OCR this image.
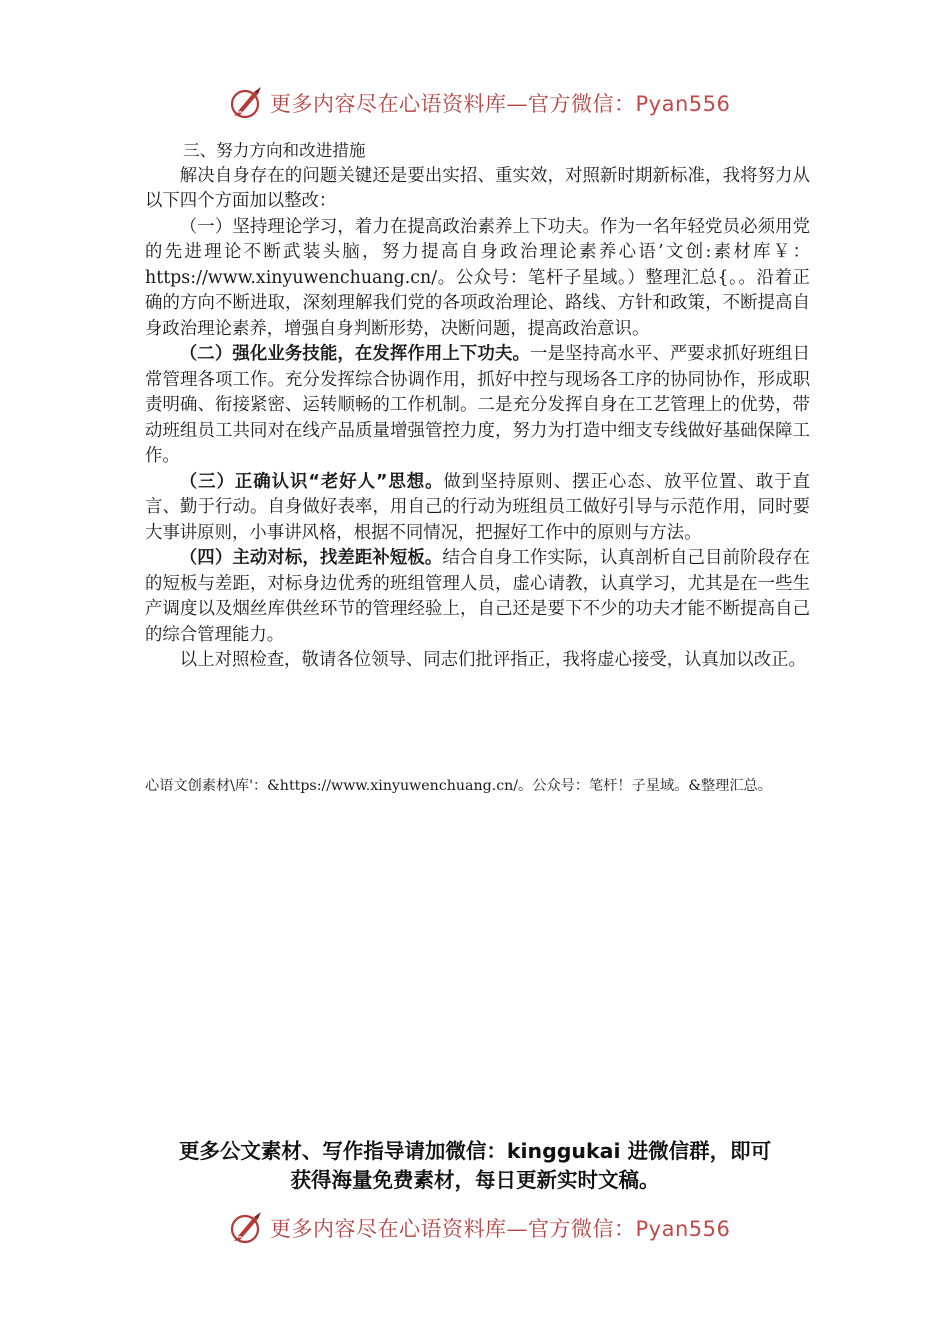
更多内容尽在心语资料库—官方微信：Pyan556

三、努力方向和改进措施

解决自身存在的问题关键还是要出实招、重实效，对照新时期新标准，我将努力从以下四个方面加以整改：

（一）坚持理论学习，着力在提高政治素养上下功夫。作为一名年轻党员必须用党的先进理论不断武装头脑，努力提高自身政治理论素养心语’文创:素材库￥：https://www.xinyuwenchuang.cn/。公众号：笔杆子星域。）整理汇总{。。沿着正确的方向不断进取，深刻理解我们党的各项政治理论、路线、方针和政策，不断提高自身政治理论素养，增强自身判断形势，决断问题，提高政治意识。

（二）强化业务技能，在发挥作用上下功夫。一是坚持高水平、严要求抓好班组日常管理各项工作。充分发挥综合协调作用，抓好中控与现场各工序的协同协作，形成职责明确、衔接紧密、运转顺畅的工作机制。二是充分发挥自身在工艺管理上的优势，带动班组员工共同对在线产品质量增强管控力度，努力为打造中细支专线做好基础保障工作。

（三）正确认识“老好人”思想。做到坚持原则、摆正心态、放平位置、敢于直言、勤于行动。自身做好表率，用自己的行动为班组员工做好引导与示范作用，同时要大事讲原则，小事讲风格，根据不同情况，把握好工作中的原则与方法。

（四）主动对标，找差距补短板。结合自身工作实际，认真剖析自己目前阶段存在的短板与差距，对标身边优秀的班组管理人员，虚心请教，认真学习，尤其是在一些生产调度以及烟丝库供丝环节的管理经验上，自己还是要下不少的功夫才能不断提高自己的综合管理能力。

以上对照检查，敬请各位领导、同志们批评指正，我将虚心接受，认真加以改正。

心语文创素材\库'：&https://www.xinyuwenchuang.cn/。公众号：笔杆！子星域。&整理汇总。
更多公文素材、写作指导请加微信：kinggukai 进微信群，即可
获得海量免费素材，每日更新实时文稿。
更多内容尽在心语资料库—官方微信：Pyan556
